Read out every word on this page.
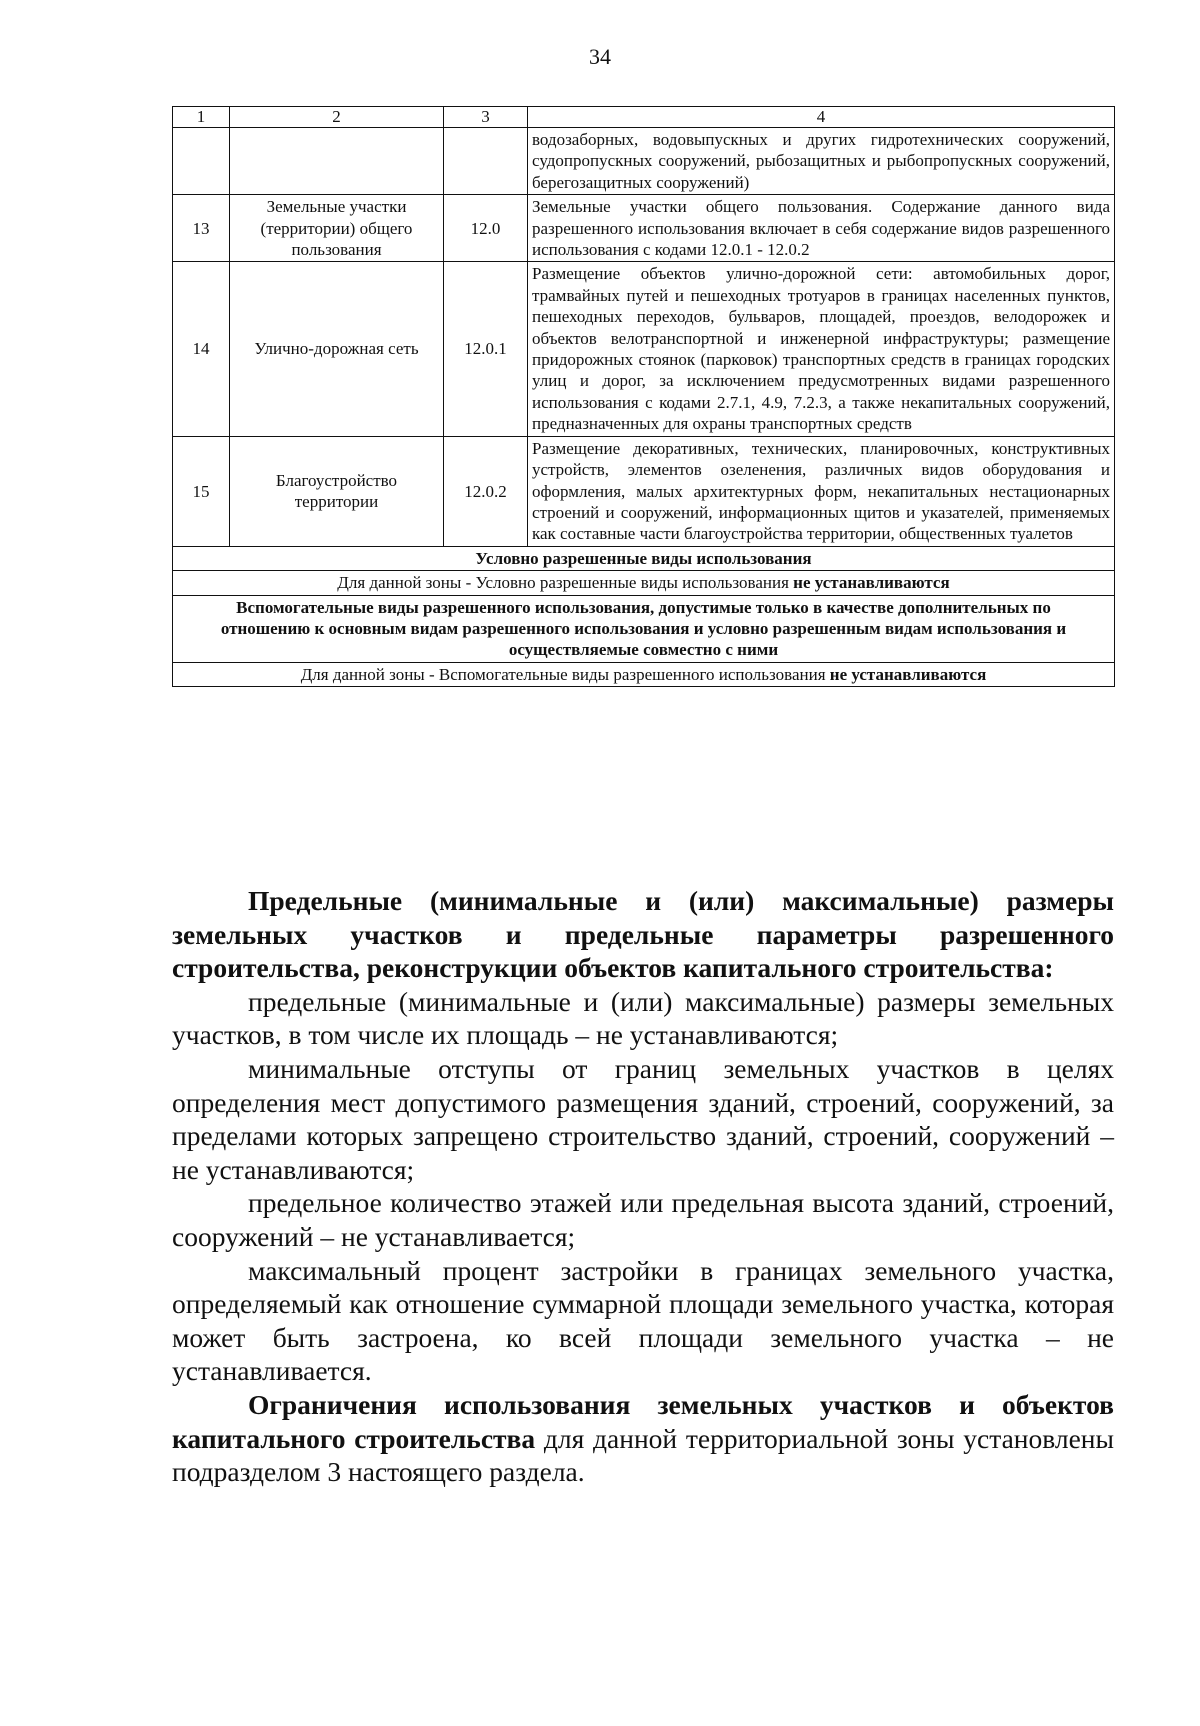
34
1	2	3	4
			водозаборных, водовыпускных и других гидротехнических сооружений, судопропускных сооружений, рыбозащитных и рыбопропускных сооружений, берегозащитных сооружений)
13	Земельные участки (территории) общего пользования	12.0	Земельные участки общего пользования. Содержание данного вида разрешенного использования включает в себя содержание видов разрешенного использования с кодами 12.0.1 - 12.0.2
14	Улично-дорожная сеть	12.0.1	Размещение объектов улично-дорожной сети: автомобильных дорог, трамвайных путей и пешеходных тротуаров в границах населенных пунктов, пешеходных переходов, бульваров, площадей, проездов, велодорожек и объектов велотранспортной и инженерной инфраструктуры; размещение придорожных стоянок (парковок) транспортных средств в границах городских улиц и дорог, за исключением предусмотренных видами разрешенного использования с кодами 2.7.1, 4.9, 7.2.3, а также некапитальных сооружений, предназначенных для охраны транспортных средств
15	Благоустройство территории	12.0.2	Размещение декоративных, технических, планировочных, конструктивных устройств, элементов озеленения, различных видов оборудования и оформления, малых архитектурных форм, некапитальных нестационарных строений и сооружений, информационных щитов и указателей, применяемых как составные части благоустройства территории, общественных туалетов
Условно разрешенные виды использования			
Для данной зоны - Условно разрешенные виды использования не устанавливаются			
Вспомогательные виды разрешенного использования, допустимые только в качестве дополнительных по отношению к основным видам разрешенного использования и условно разрешенным видам использования и осуществляемые совместно с ними			
Для данной зоны - Вспомогательные виды разрешенного использования не устанавливаются			

Предельные (минимальные и (или) максимальные) размеры земельных участков и предельные параметры разрешенного строительства, реконструкции объектов капитального строительства:

предельные (минимальные и (или) максимальные) размеры земельных участков, в том числе их площадь – не устанавливаются;

минимальные отступы от границ земельных участков в целях определения мест допустимого размещения зданий, строений, сооружений, за пределами которых запрещено строительство зданий, строений, сооружений – не устанавливаются;

предельное количество этажей или предельная высота зданий, строений, сооружений – не устанавливается;

максимальный процент застройки в границах земельного участка, определяемый как отношение суммарной площади земельного участка, которая может быть застроена, ко всей площади земельного участка – не устанавливается.

Ограничения использования земельных участков и объектов капитального строительства для данной территориальной зоны установлены подразделом 3 настоящего раздела.
